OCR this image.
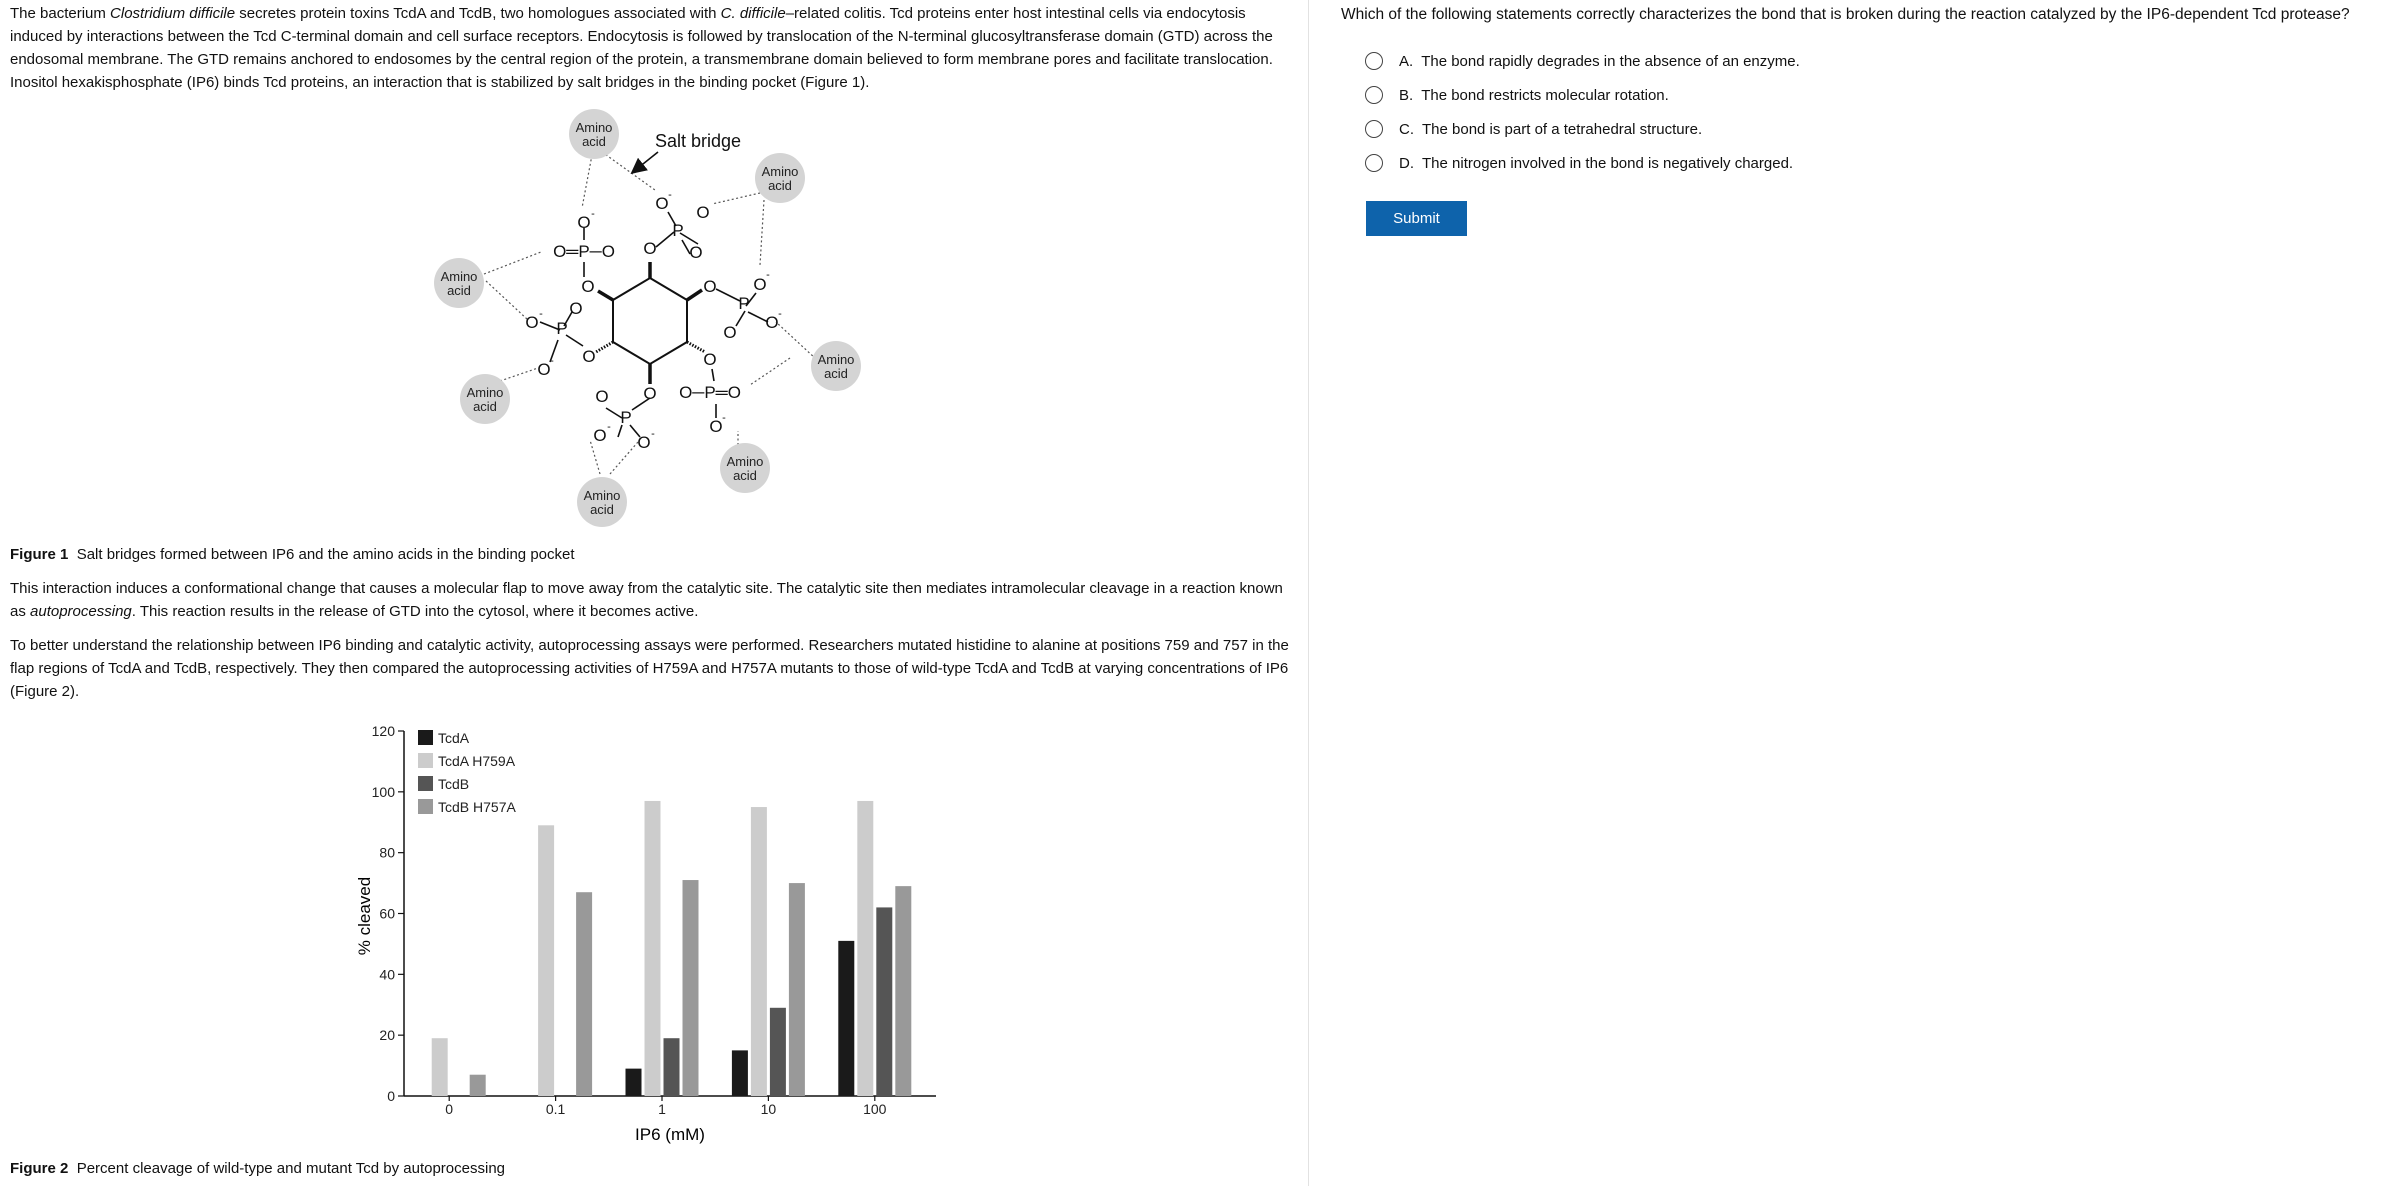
The bacterium Clostridium difficile secretes protein toxins TcdA and TcdB, two homologues associated with C. difficile–related colitis. Tcd proteins enter host intestinal cells via endocytosis induced by interactions between the Tcd C-terminal domain and cell surface receptors. Endocytosis is followed by translocation of the N-terminal glucosyltransferase domain (GTD) across the endosomal membrane. The GTD remains anchored to endosomes by the central region of the protein, a transmembrane domain believed to form membrane pores and facilitate translocation. Inositol hexakisphosphate (IP6) binds Tcd proteins, an interaction that is stabilized by salt bridges in the binding pocket (Figure 1).

Amino
acid
Amino
acid
Amino
acid
Amino
acid
Amino
acid
Amino
acid
Amino
acid
Salt bridge
O
P
O -
O
O
O
P
O -
O -
O
O -
O═P─O
O
O
P
O - O
O -
O
P
O
O -
O -
O
O─P═O
O -
Figure 1 Salt bridges formed between IP6 and the amino acids in the binding pocket

This interaction induces a conformational change that causes a molecular flap to move away from the catalytic site. The catalytic site then mediates intramolecular cleavage in a reaction known as autoprocessing. This reaction results in the release of GTD into the cytosol, where it becomes active.

To better understand the relationship between IP6 binding and catalytic activity, autoprocessing assays were performed. Researchers mutated histidine to alanine at positions 759 and 757 in the flap regions of TcdA and TcdB, respectively. They then compared the autoprocessing activities of H759A and H757A mutants to those of wild-type TcdA and TcdB at varying concentrations of IP6 (Figure 2).

0
20
40
60
80
100
120
0	0.1	1	10	100
TcdA
TcdA H759A
TcdB
TcdB H757A
IP6 (mM)
% cleaved
Figure 2 Percent cleavage of wild-type and mutant Tcd by autoprocessing

Which of the following statements correctly characterizes the bond that is broken during the reaction catalyzed by the IP6-dependent Tcd protease?

A. The bond rapidly degrades in the absence of an enzyme.
B. The bond restricts molecular rotation.
C. The bond is part of a tetrahedral structure.
D. The nitrogen involved in the bond is negatively charged.
Submit
